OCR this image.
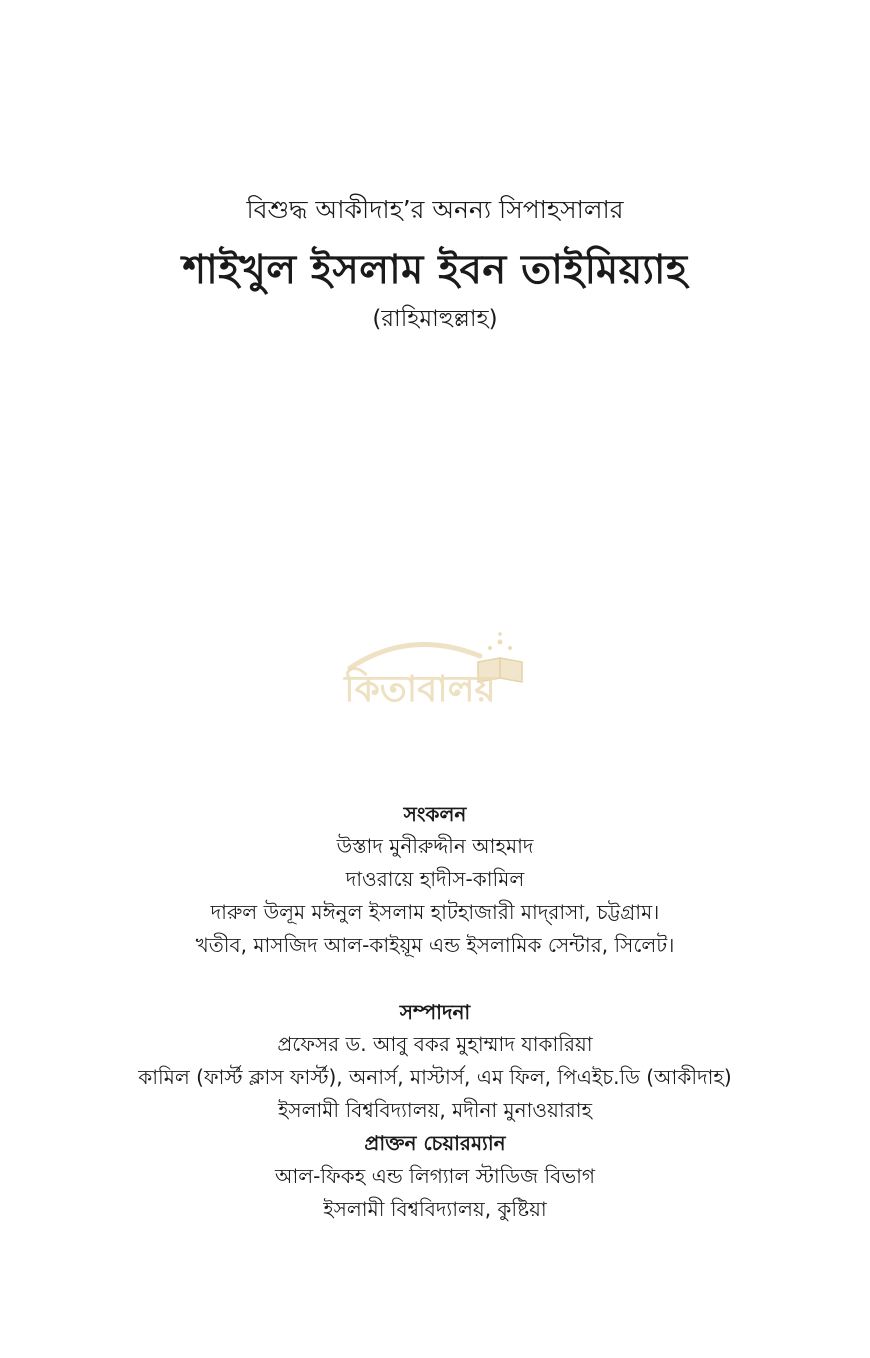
বিশুদ্ধ আকীদাহ’র অনন্য সিপাহসালার
শাইখুল ইসলাম ইবন তাইমিয়্যাহ
(রাহিমাহুল্লাহ)
কিতাবালয়
সংকলন
উস্তাদ মুনীরুদ্দীন আহমাদ
দাওরায়ে হাদীস-কামিল
দারুল উলূম মঈনুল ইসলাম হাটহাজারী মাদ্‌রাসা, চট্টগ্রাম।
খতীব, মাসজিদ আল-কাইয়ূম এন্ড ইসলামিক সেন্টার, সিলেট।
সম্পাদনা
প্রফেসর ড. আবু বকর মুহাম্মাদ যাকারিয়া
কামিল (ফার্স্ট ক্লাস ফার্স্ট), অনার্স, মাস্টার্স, এম ফিল, পিএইচ.ডি (আকীদাহ)
ইসলামী বিশ্ববিদ্যালয়, মদীনা মুনাওয়ারাহ
প্রাক্তন চেয়ারম্যান
আল-ফিকহ এন্ড লিগ্যাল স্টাডিজ বিভাগ
ইসলামী বিশ্ববিদ্যালয়, কুষ্টিয়া
